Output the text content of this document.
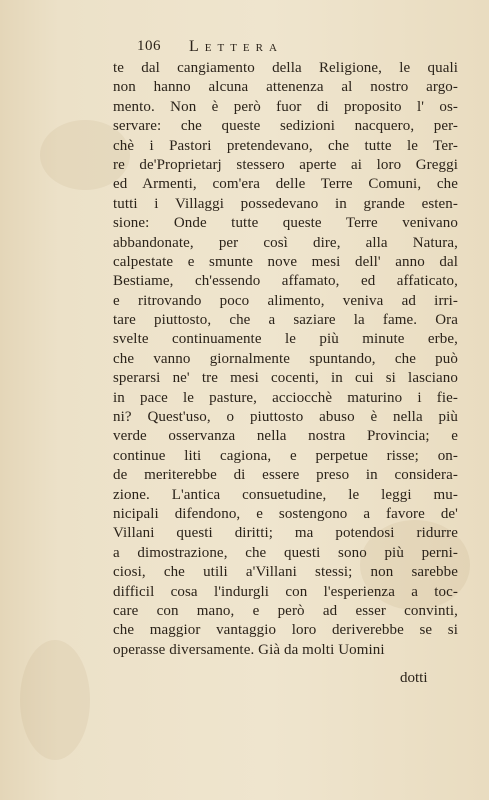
106 Lettera
te dal cangiamento della Religione, le quali
non hanno alcuna attenenza al nostro argo-
mento. Non è però fuor di proposito l' os-
servare: che queste sedizioni nacquero, per-
chè i Pastori pretendevano, che tutte le Ter-
re de'Proprietarj stessero aperte ai loro Greggi
ed Armenti, com'era delle Terre Comuni, che
tutti i Villaggi possedevano in grande esten-
sione: Onde tutte queste Terre venivano
abbandonate, per così dire, alla Natura,
calpestate e smunte nove mesi dell' anno dal
Bestiame, ch'essendo affamato, ed affaticato,
e ritrovando poco alimento, veniva ad irri-
tare piuttosto, che a saziare la fame. Ora
svelte continuamente le più minute erbe,
che vanno giornalmente spuntando, che può
sperarsi ne' tre mesi cocenti, in cui si lasciano
in pace le pasture, acciocchè maturino i fie-
ni? Quest'uso, o piuttosto abuso è nella più
verde osservanza nella nostra Provincia; e
continue liti cagiona, e perpetue risse; on-
de meriterebbe di essere preso in considera-
zione. L'antica consuetudine, le leggi mu-
nicipali difendono, e sostengono a favore de'
Villani questi diritti; ma potendosi ridurre
a dimostrazione, che questi sono più perni-
ciosi, che utili a'Villani stessi; non sarebbe
difficil cosa l'indurgli con l'esperienza a toc-
care con mano, e però ad esser convinti,
che maggior vantaggio loro deriverebbe se si
operasse diversamente. Già da molti Uomini
dotti
